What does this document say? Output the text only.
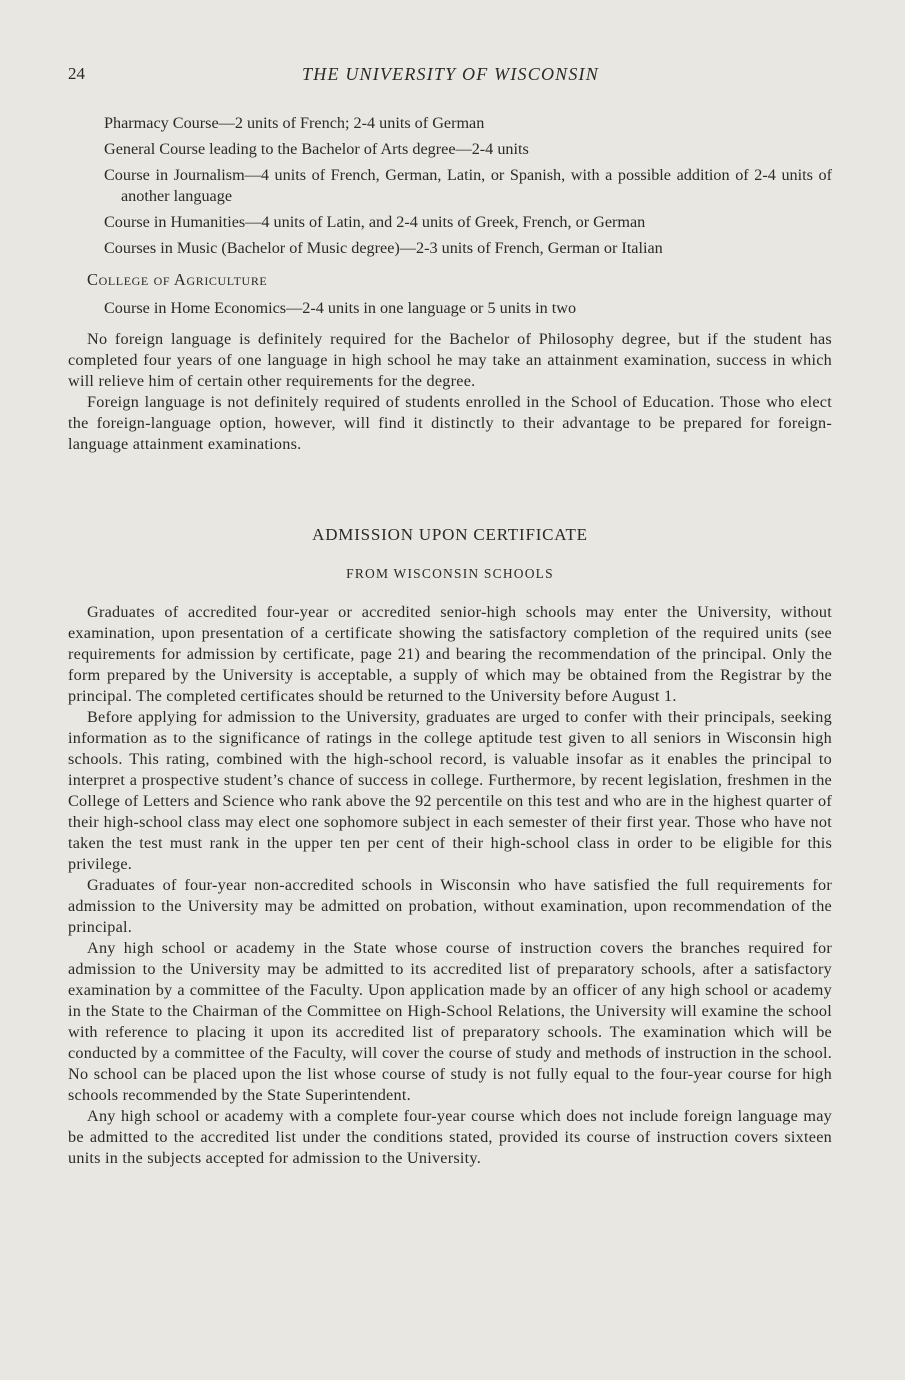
24	THE UNIVERSITY OF WISCONSIN
Pharmacy Course—2 units of French; 2-4 units of German
General Course leading to the Bachelor of Arts degree—2-4 units
Course in Journalism—4 units of French, German, Latin, or Spanish, with a possible addition of 2-4 units of another language
Course in Humanities—4 units of Latin, and 2-4 units of Greek, French, or German
Courses in Music (Bachelor of Music degree)—2-3 units of French, German or Italian
College of Agriculture
Course in Home Economics—2-4 units in one language or 5 units in two

No foreign language is definitely required for the Bachelor of Philosophy degree, but if the student has completed four years of one language in high school he may take an attainment examination, success in which will relieve him of certain other requirements for the degree.

Foreign language is not definitely required of students enrolled in the School of Education. Those who elect the foreign-language option, however, will find it distinctly to their advantage to be prepared for foreign-language attainment examinations.

ADMISSION UPON CERTIFICATE
FROM WISCONSIN SCHOOLS

Graduates of accredited four-year or accredited senior-high schools may enter the University, without examination, upon presentation of a certificate showing the satisfactory completion of the required units (see requirements for admission by certificate, page 21) and bearing the recommendation of the principal. Only the form prepared by the University is acceptable, a supply of which may be obtained from the Registrar by the principal. The completed certificates should be returned to the University before August 1.

Before applying for admission to the University, graduates are urged to confer with their principals, seeking information as to the significance of ratings in the college aptitude test given to all seniors in Wisconsin high schools. This rating, combined with the high-school record, is valuable insofar as it enables the principal to interpret a prospective student’s chance of success in college. Furthermore, by recent legislation, freshmen in the College of Letters and Science who rank above the 92 percentile on this test and who are in the highest quarter of their high-school class may elect one sophomore subject in each semester of their first year. Those who have not taken the test must rank in the upper ten per cent of their high-school class in order to be eligible for this privilege.

Graduates of four-year non-accredited schools in Wisconsin who have satisfied the full requirements for admission to the University may be admitted on probation, without examination, upon recommendation of the principal.

Any high school or academy in the State whose course of instruction covers the branches required for admission to the University may be admitted to its accredited list of preparatory schools, after a satisfactory examination by a committee of the Faculty. Upon application made by an officer of any high school or academy in the State to the Chairman of the Committee on High-School Relations, the University will examine the school with reference to placing it upon its accredited list of preparatory schools. The examination which will be conducted by a committee of the Faculty, will cover the course of study and methods of instruction in the school. No school can be placed upon the list whose course of study is not fully equal to the four-year course for high schools recommended by the State Superintendent.

Any high school or academy with a complete four-year course which does not include foreign language may be admitted to the accredited list under the conditions stated, provided its course of instruction covers sixteen units in the subjects accepted for admission to the University.
